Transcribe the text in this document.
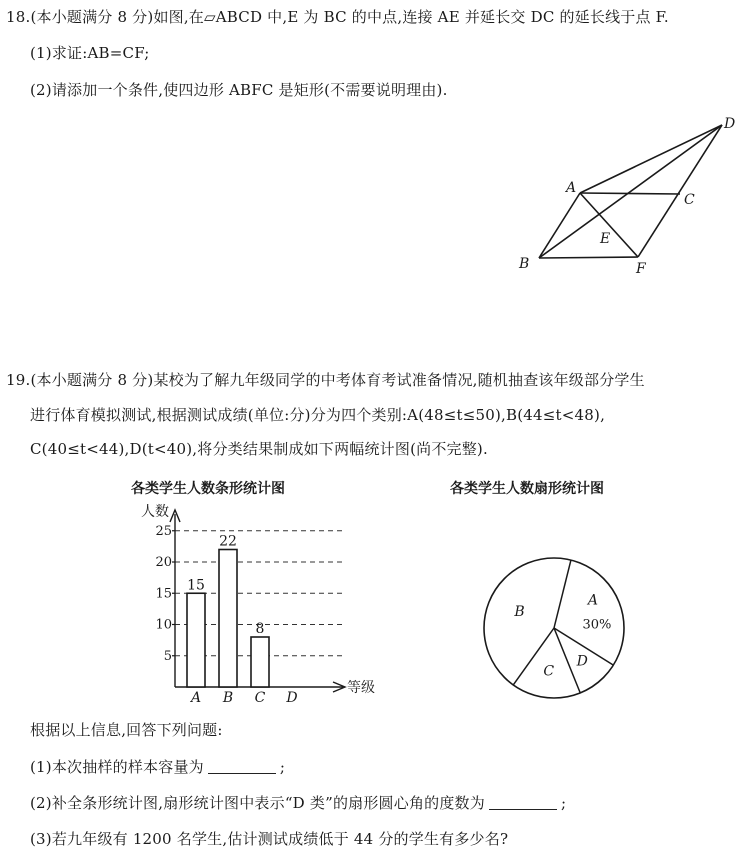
18.(本小题满分 8 分)如图,在▱ABCD 中,E 为 BC 的中点,连接 AE 并延长交 DC 的延长线于点 F.
(1)求证:AB=CF;
(2)请添加一个条件,使四边形 ABFC 是矩形(不需要说明理由).
D
A
C
E
B	F
19.(本小题满分 8 分)某校为了解九年级同学的中考体育考试准备情况,随机抽查该年级部分学生
进行体育模拟测试,根据测试成绩(单位:分)分为四个类别:A(48≤t≤50),B(44≤t<48),
C(40≤t<44),D(t<40),将分类结果制成如下两幅统计图(尚不完整).
各类学生人数条形统计图	各类学生人数扇形统计图
5
10
15
20
25
人数
等级
15
A
22
B
8
C D
A
30%
D
C
B
根据以上信息,回答下列问题:
(1)本次抽样的样本容量为	;
(2)补全条形统计图,扇形统计图中表示“D 类”的扇形圆心角的度数为	;
(3)若九年级有 1200 名学生,估计测试成绩低于 44 分的学生有多少名?
